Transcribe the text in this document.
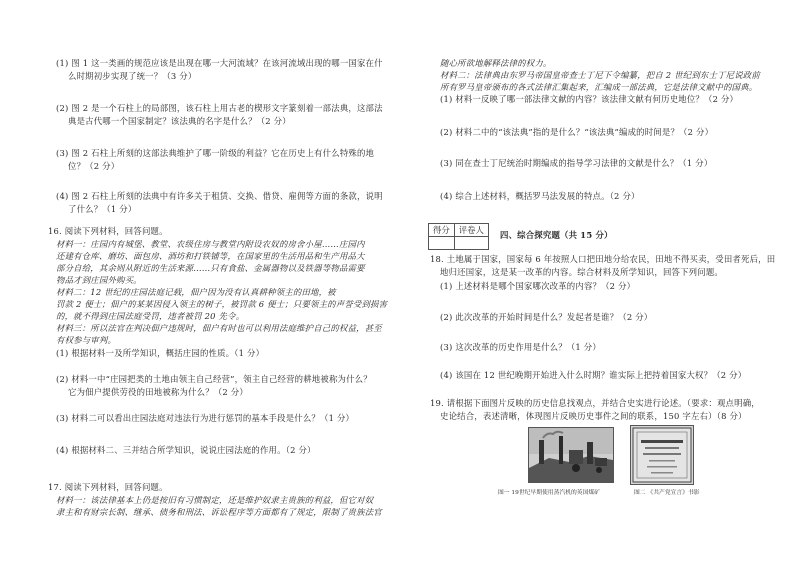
(1) 图 1 这一类画的规范应该是出现在哪一大河流域？在该河流域出现的哪一国家在什
么时期初步实现了统一？（3 分）
(2) 图 2 是一个石柱上的局部图，该石柱上用古老的楔形文字篆刻着一部法典，这部法
典是古代哪一个国家制定？该法典的名字是什么？（2 分）
(3) 图 2 石柱上所刻的这部法典维护了哪一阶级的利益？它在历史上有什么特殊的地
位？（2 分）
(4) 图 2 石柱上所刻的法典中有许多关于租赁、交换、借贷、雇佣等方面的条款，说明
了什么？（1 分）
16. 阅读下列材料，回答问题。
材料一：庄园内有城堡、教堂、农级住房与教堂内附设农奴的房舍小屋……庄园内
还建有仓库、磨坊、面包房、酒坊和打铁铺等，在国家里的生活用品和生产用品大
部分自给，其余则从附近的生活来源……只有食盐、金属器物以及铁器等物品需要
物品才到庄园外购买。
材料二：12 世纪的庄园法庭记载，佃户因为没有认真耕种领主的田地，被
罚款 2 便士；佃户的某某因侵入领主的树子，被罚款 6 便士；只要领主的声誉受到损害
的，就不得到庄园法庭受罚，违者被罚 20 先令。
材料三：所以法官在判决佃户违规时，佃户有时也可以利用法庭维护自己的权益，甚至
有权参与审判。
(1) 根据材料一及所学知识，概括庄园的性质。（1 分）
(2) 材料一中“庄园把类的土地由领主自己经营”，领主自己经营的耕地被称为什么？
它为佃户提供劳役的田地被称为什么？（2 分）
(3) 材料二可以看出庄园法庭对违法行为进行惩罚的基本手段是什么？（1 分）
(4) 根据材料二、三并结合所学知识，说说庄园法庭的作用。（2 分）
17. 阅读下列材料，回答问题。
材料一：该法律基本上仍是按旧有习惯制定，还是维护奴隶主贵族的利益，但它对奴
隶主和有财宗长制、继承、债务和刑法、诉讼程序等方面都有了规定，限制了贵族法官
随心所欲地解释法律的权力。
材料二：法律典由东罗马帝国皇帝查士丁尼下令编纂，把自 2 世纪到东士丁尼说政前
所有罗马皇帝颁布的各式法律汇集起来，汇编成一部法典，它是法律文献中的国典。
(1) 材料一反映了哪一部法律文献的内容？该法律文献有何历史地位？（2 分）
(2) 材料二中的“该法典”指的是什么？“该法典”编成的时间是？（2 分）
(3) 同在查士丁尼统治时期编成的指导学习法律的文献是什么？（1 分）
(4) 综合上述材料，概括罗马法发展的特点。（2 分）
得分	评卷人
	四、综合探究题（共 15 分）
18. 土地属于国家，国家每 6 年按照人口把田地分给农民，田地不得买卖，受田者死后，田
地归还国家，这是某一改革的内容。综合材料及所学知识，回答下列问题。
(1) 上述材料是哪个国家哪次改革的内容？（2 分）
(2) 此次改革的开始时间是什么？发起者是谁？（2 分）
(3) 这次改革的历史作用是什么？（1 分）
(4) 该国在 12 世纪晚期开始进入什么时期？谁实际上把持着国家大权？（2 分）
19. 请根据下面图片反映的历史信息找观点，并结合史实进行论述。（要求：观点明确，
史论结合，表述清晰，体现图片反映历史事件之间的联系，150 字左右）（8 分）
图一 19世纪早期使用蒸汽机的英国煤矿	图二 《共产党宣言》书影
